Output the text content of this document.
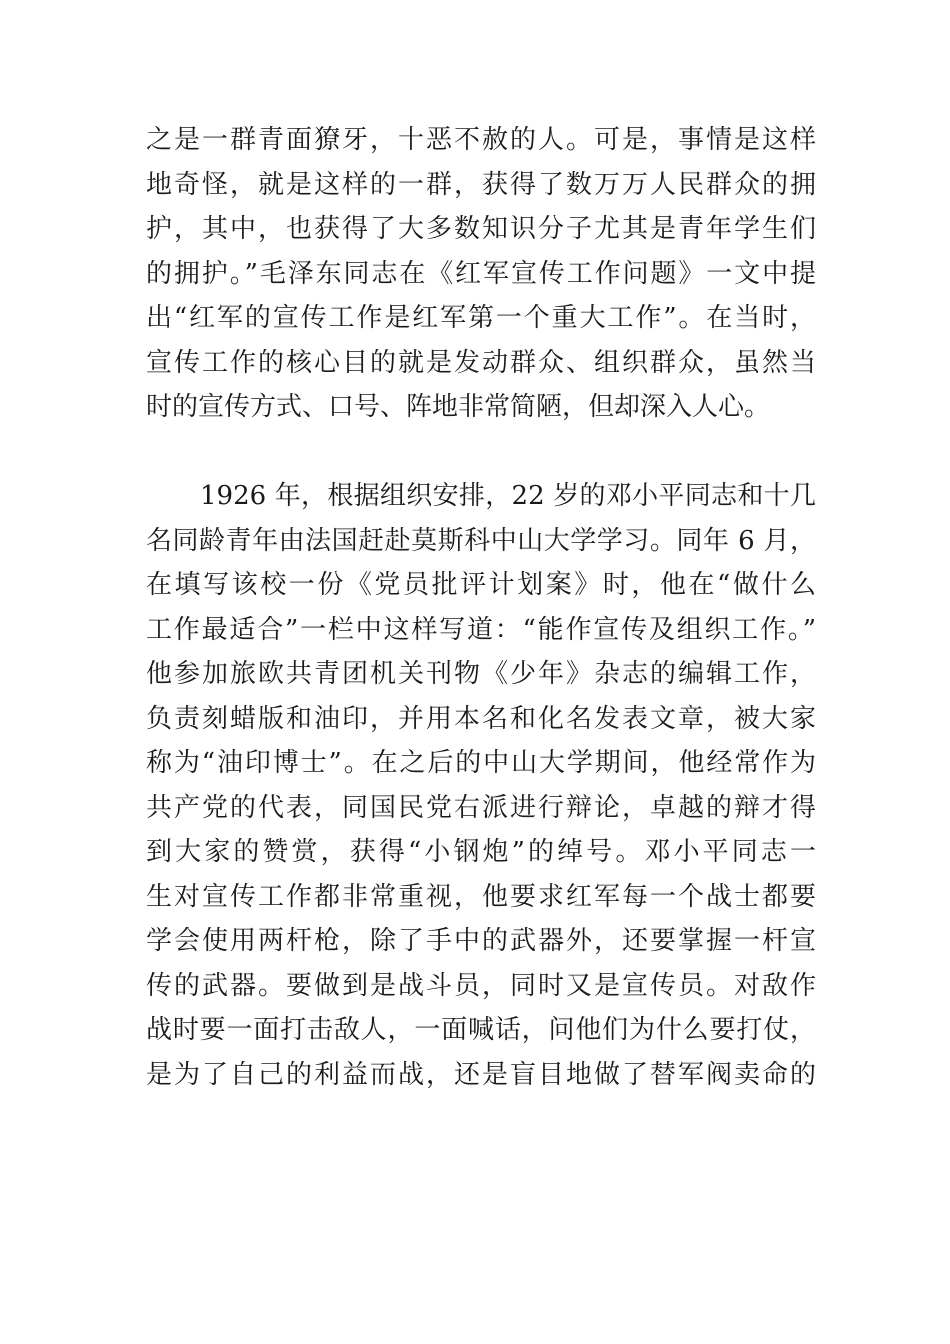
之是一群青面獠牙，十恶不赦的人。可是，事情是这样
地奇怪，就是这样的一群，获得了数万万人民群众的拥
护，其中，也获得了大多数知识分子尤其是青年学生们
的拥护。”毛泽东同志在《红军宣传工作问题》一文中提
出“红军的宣传工作是红军第一个重大工作”。在当时，
宣传工作的核心目的就是发动群众、组织群众，虽然当
时的宣传方式、口号、阵地非常简陋，但却深入人心。
1926 年，根据组织安排，22 岁的邓小平同志和十几
名同龄青年由法国赶赴莫斯科中山大学学习。同年 6 月，
在填写该校一份《党员批评计划案》时，他在“做什么
工作最适合”一栏中这样写道：“能作宣传及组织工作。”
他参加旅欧共青团机关刊物《少年》杂志的编辑工作，
负责刻蜡版和油印，并用本名和化名发表文章，被大家
称为“油印博士”。在之后的中山大学期间，他经常作为
共产党的代表，同国民党右派进行辩论，卓越的辩才得
到大家的赞赏，获得“小钢炮”的绰号。邓小平同志一
生对宣传工作都非常重视，他要求红军每一个战士都要
学会使用两杆枪，除了手中的武器外，还要掌握一杆宣
传的武器。要做到是战斗员，同时又是宣传员。对敌作
战时要一面打击敌人，一面喊话，问他们为什么要打仗，
是为了自己的利益而战，还是盲目地做了替军阀卖命的
